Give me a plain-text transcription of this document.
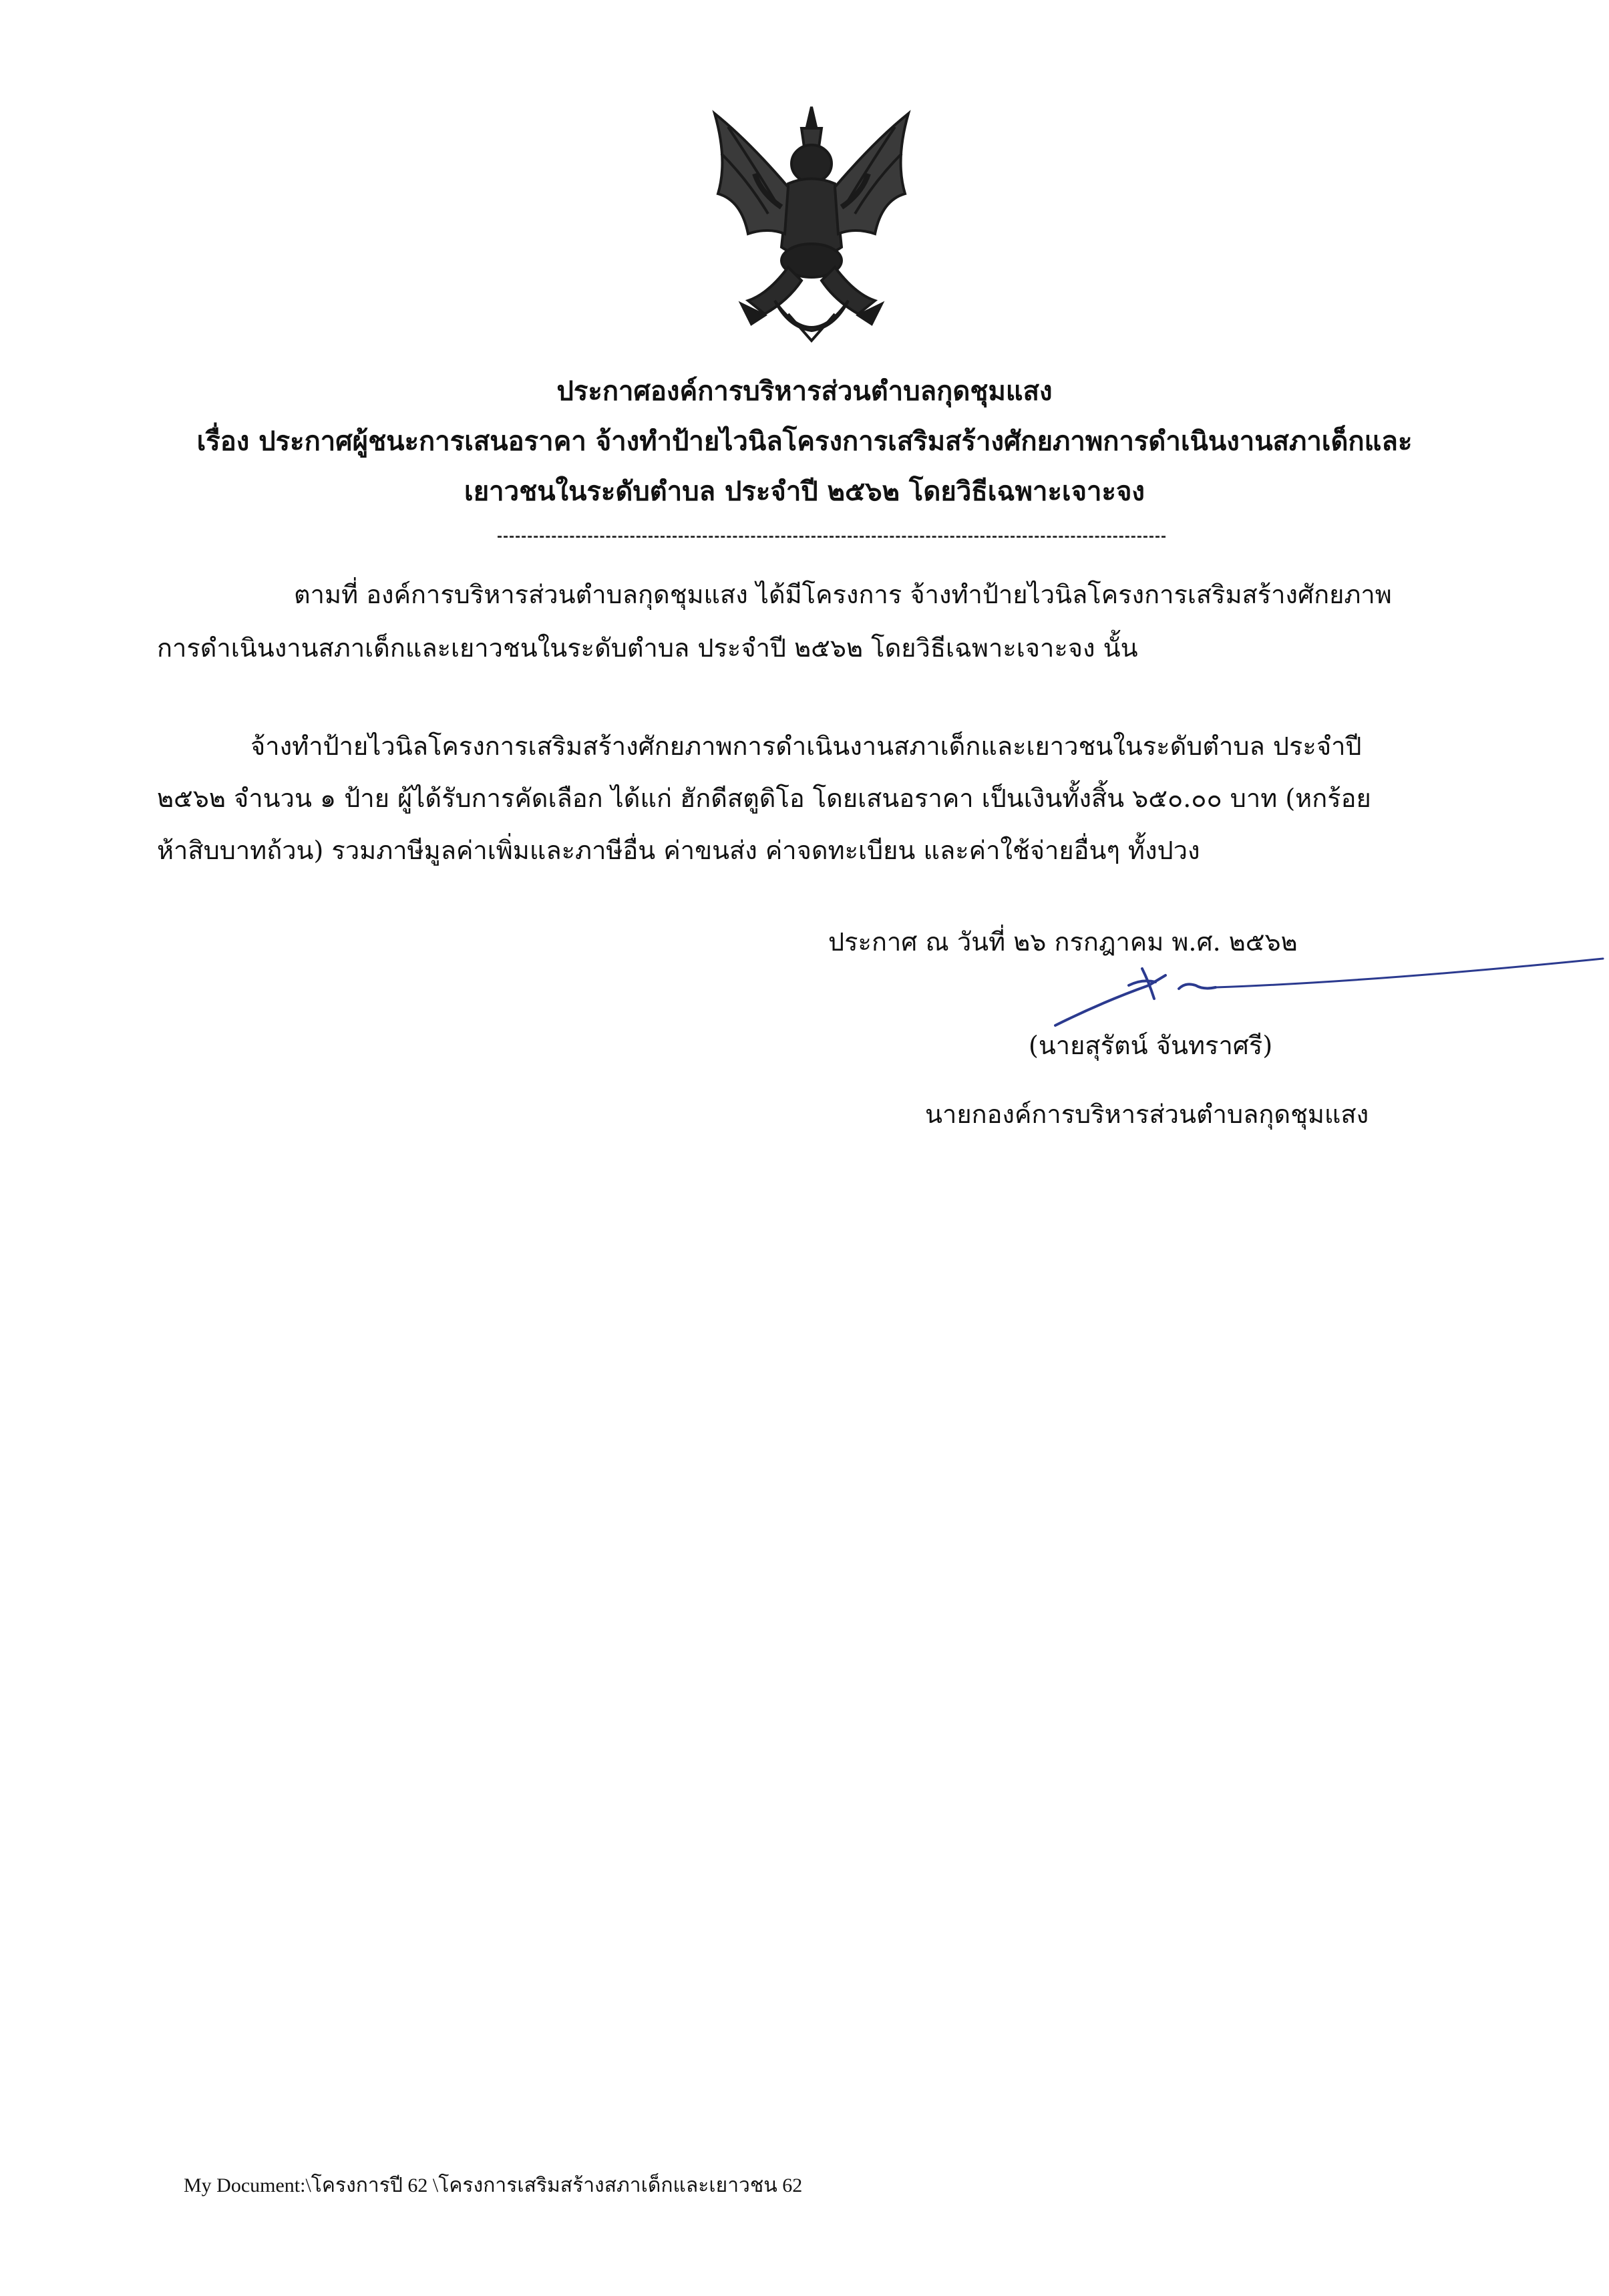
ประกาศองค์การบริหารส่วนตำบลกุดชุมแสง
เรื่อง ประกาศผู้ชนะการเสนอราคา จ้างทำป้ายไวนิลโครงการเสริมสร้างศักยภาพการดำเนินงานสภาเด็กและ
เยาวชนในระดับตำบล ประจำปี ๒๕๖๒ โดยวิธีเฉพาะเจาะจง
ตามที่ องค์การบริหารส่วนตำบลกุดชุมแสง ได้มีโครงการ จ้างทำป้ายไวนิลโครงการเสริมสร้างศักยภาพ
การดำเนินงานสภาเด็กและเยาวชนในระดับตำบล ประจำปี ๒๕๖๒ โดยวิธีเฉพาะเจาะจง นั้น
จ้างทำป้ายไวนิลโครงการเสริมสร้างศักยภาพการดำเนินงานสภาเด็กและเยาวชนในระดับตำบล ประจำปี
๒๕๖๒ จำนวน ๑ ป้าย ผู้ได้รับการคัดเลือก ได้แก่ ฮักดีสตูดิโอ โดยเสนอราคา เป็นเงินทั้งสิ้น ๖๕๐.๐๐ บาท (หกร้อย
ห้าสิบบาทถ้วน) รวมภาษีมูลค่าเพิ่มและภาษีอื่น ค่าขนส่ง ค่าจดทะเบียน และค่าใช้จ่ายอื่นๆ ทั้งปวง
ประกาศ ณ วันที่ ๒๖ กรกฎาคม พ.ศ. ๒๕๖๒
(นายสุรัตน์ จันทราศรี)
นายกองค์การบริหารส่วนตำบลกุดชุมแสง
My Document:\โครงการปี 62 \โครงการเสริมสร้างสภาเด็กและเยาวชน 62
